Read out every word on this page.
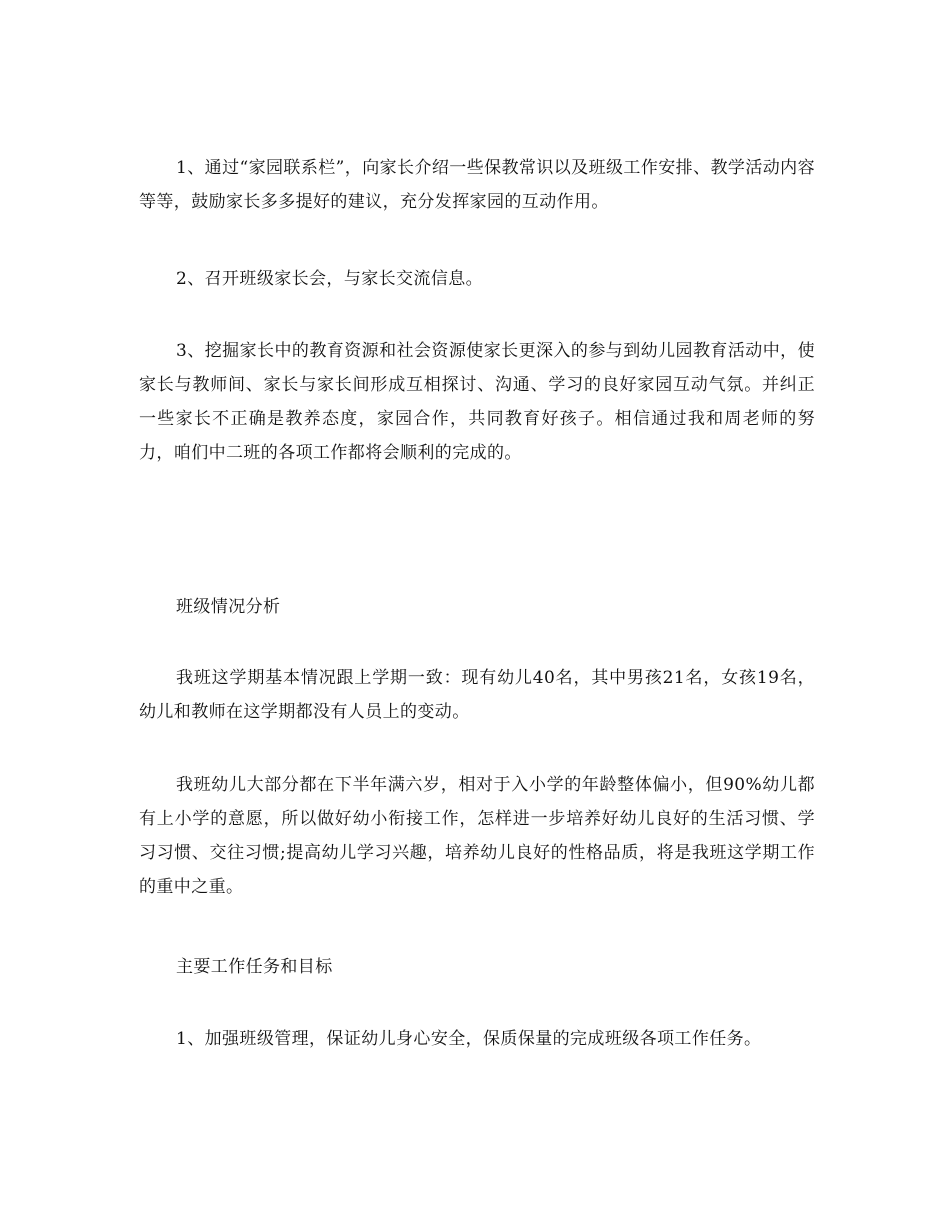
1、通过“家园联系栏”，向家长介绍一些保教常识以及班级工作安排、教学活动内容等等，鼓励家长多多提好的建议，充分发挥家园的互动作用。

2、召开班级家长会，与家长交流信息。

3、挖掘家长中的教育资源和社会资源使家长更深入的参与到幼儿园教育活动中，使家长与教师间、家长与家长间形成互相探讨、沟通、学习的良好家园互动气氛。并纠正一些家长不正确是教养态度，家园合作，共同教育好孩子。相信通过我和周老师的努力，咱们中二班的各项工作都将会顺利的完成的。

班级情况分析

我班这学期基本情况跟上学期一致：现有幼儿40名，其中男孩21名，女孩19名，幼儿和教师在这学期都没有人员上的变动。

我班幼儿大部分都在下半年满六岁，相对于入小学的年龄整体偏小，但90%幼儿都有上小学的意愿，所以做好幼小衔接工作，怎样进一步培养好幼儿良好的生活习惯、学习习惯、交往习惯;提高幼儿学习兴趣，培养幼儿良好的性格品质，将是我班这学期工作的重中之重。

主要工作任务和目标

1、加强班级管理，保证幼儿身心安全，保质保量的完成班级各项工作任务。
